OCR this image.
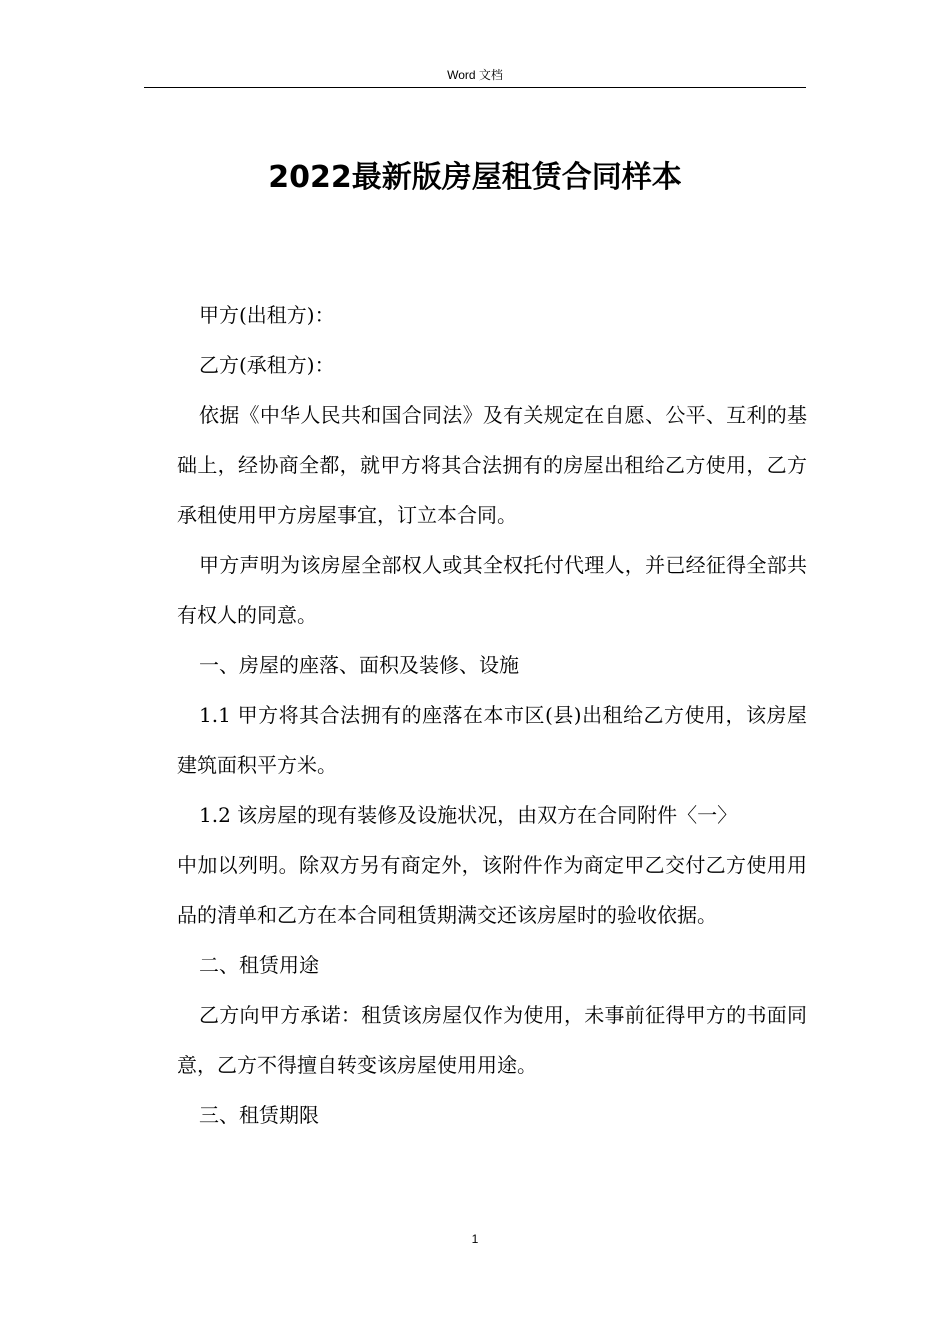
Word 文档
2022最新版房屋租赁合同样本

甲方(出租方)：

乙方(承租方)：

依据《中华人民共和国合同法》及有关规定在自愿、公平、互利的基础上，经协商全都，就甲方将其合法拥有的房屋出租给乙方使用，乙方承租使用甲方房屋事宜，订立本合同。

甲方声明为该房屋全部权人或其全权托付代理人，并已经征得全部共有权人的同意。

一、房屋的座落、面积及装修、设施

1.1 甲方将其合法拥有的座落在本市区(县)出租给乙方使用，该房屋建筑面积平方米。

1.2 该房屋的现有装修及设施状况，由双方在合同附件〈一〉

中加以列明。除双方另有商定外，该附件作为商定甲乙交付乙方使用用品的清单和乙方在本合同租赁期满交还该房屋时的验收依据。

二、租赁用途

乙方向甲方承诺：租赁该房屋仅作为使用，未事前征得甲方的书面同意，乙方不得擅自转变该房屋使用用途。

三、租赁期限

1
